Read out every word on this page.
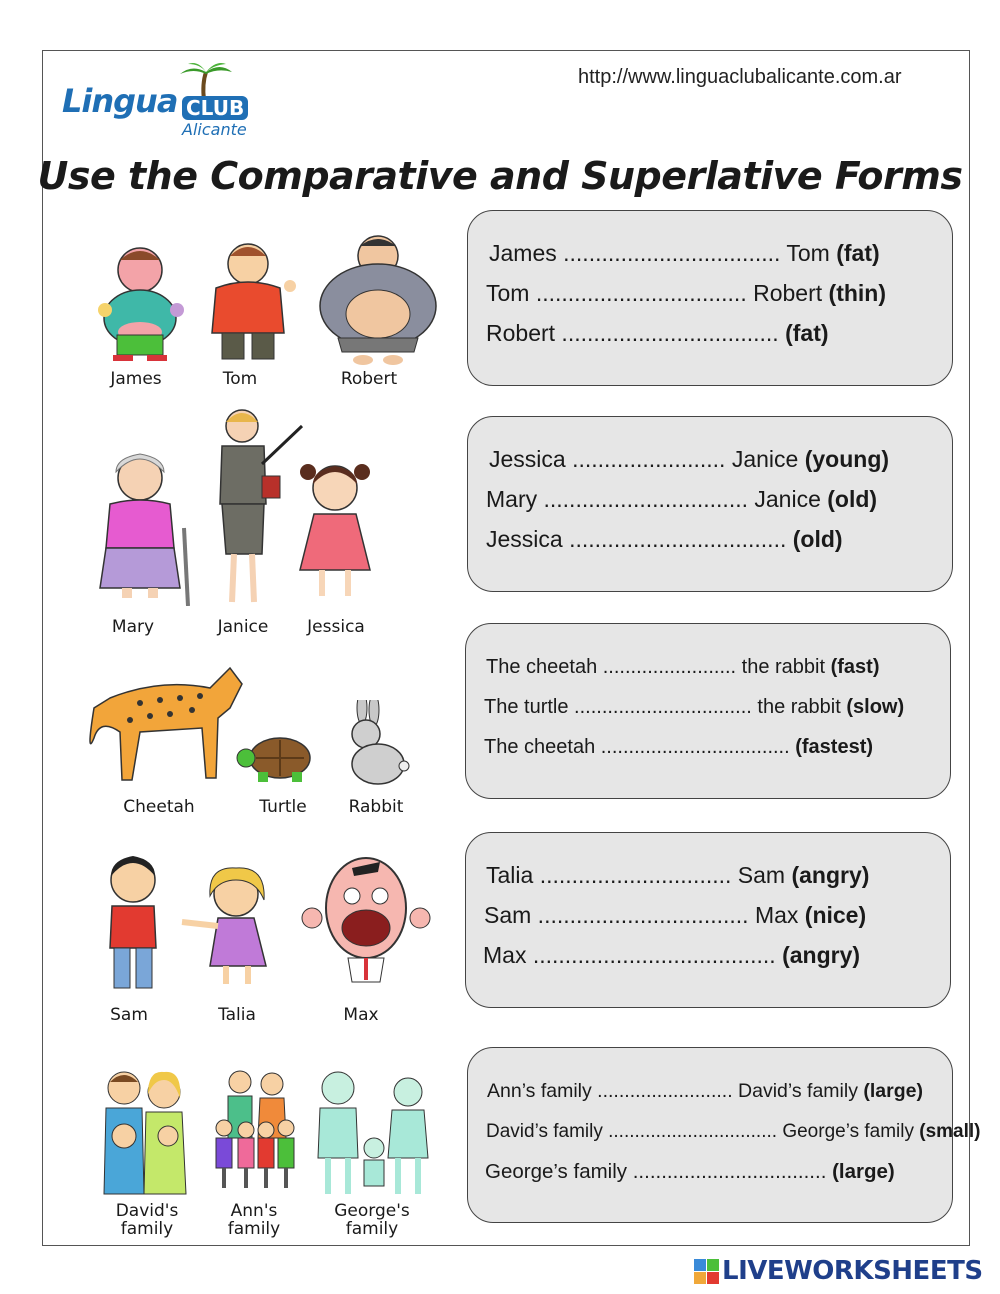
http://www.linguaclubalicante.com.ar
Lingua CLUB
Alicante
Use the Comparative and Superlative Forms
James	Tom	Robert
James .................................. Tom (fat)
Tom ................................. Robert (thin)
Robert .................................. (fat)
Mary	Janice	Jessica
Jessica ........................ Janice (young)
Mary ................................ Janice (old)
Jessica .................................. (old)
Cheetah	Turtle	Rabbit
The cheetah ........................ the rabbit (fast)
The turtle ................................ the rabbit (slow)
The cheetah .................................. (fastest)
Sam	Talia	Max
Talia .............................. Sam (angry)
Sam ................................. Max (nice)
Max ...................................... (angry)
David's family
Ann's family
George's family
Ann’s family ......................... David’s family (large)
David’s family ................................ George’s family (small)
George’s family .................................. (large)
LIVEWORKSHEETS
